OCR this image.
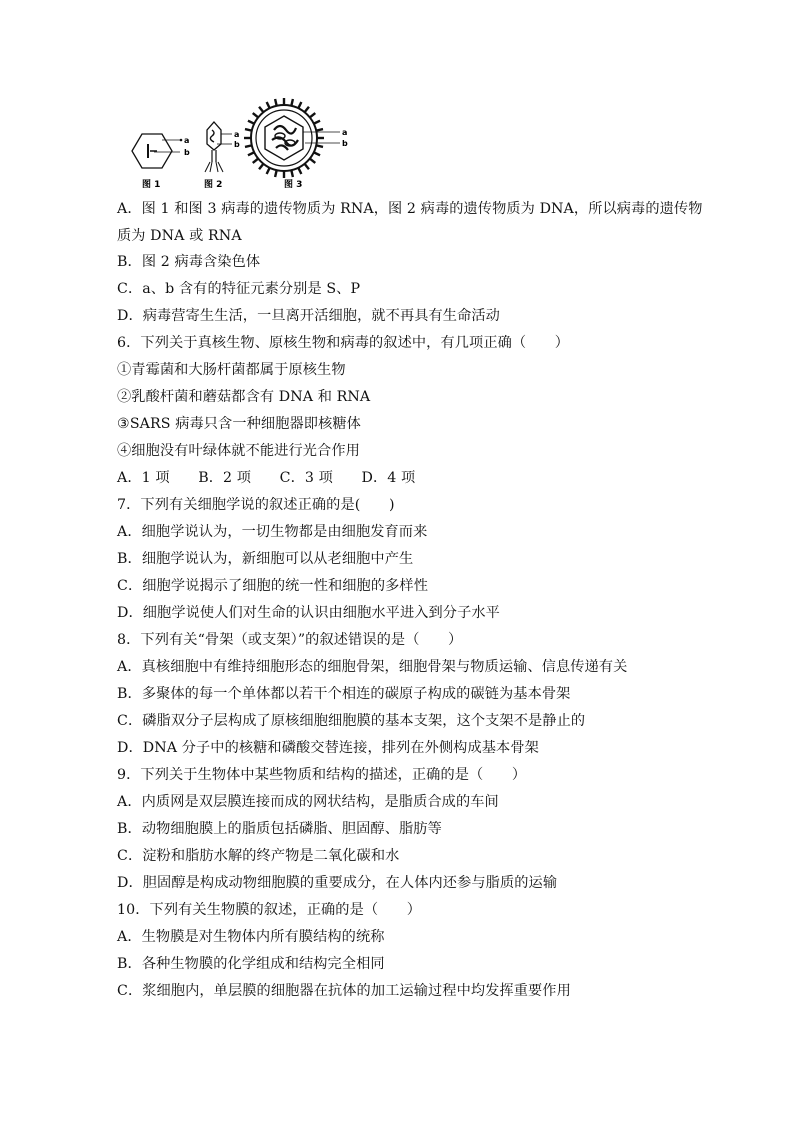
a
b
a
b
a
b
图 1	图 2	图 3
A．图 1 和图 3 病毒的遗传物质为 RNA，图 2 病毒的遗传物质为 DNA，所以病毒的遗传物
质为 DNA 或 RNA
B．图 2 病毒含染色体
C．a、b 含有的特征元素分别是 S、P
D．病毒营寄生生活，一旦离开活细胞，就不再具有生命活动
6．下列关于真核生物、原核生物和病毒的叙述中，有几项正确（　　）
①青霉菌和大肠杆菌都属于原核生物
②乳酸杆菌和蘑菇都含有 DNA 和 RNA
③SARS 病毒只含一种细胞器即核糖体
④细胞没有叶绿体就不能进行光合作用
A．1 项　　B．2 项　　C．3 项　　D．4 项
7．下列有关细胞学说的叙述正确的是(　　)
A．细胞学说认为，一切生物都是由细胞发育而来
B．细胞学说认为，新细胞可以从老细胞中产生
C．细胞学说揭示了细胞的统一性和细胞的多样性
D．细胞学说使人们对生命的认识由细胞水平进入到分子水平
8．下列有关“骨架（或支架）”的叙述错误的是（　　）
A．真核细胞中有维持细胞形态的细胞骨架，细胞骨架与物质运输、信息传递有关
B．多聚体的每一个单体都以若干个相连的碳原子构成的碳链为基本骨架
C．磷脂双分子层构成了原核细胞细胞膜的基本支架，这个支架不是静止的
D．DNA 分子中的核糖和磷酸交替连接，排列在外侧构成基本骨架
9．下列关于生物体中某些物质和结构的描述，正确的是（　　）
A．内质网是双层膜连接而成的网状结构，是脂质合成的车间
B．动物细胞膜上的脂质包括磷脂、胆固醇、脂肪等
C．淀粉和脂肪水解的终产物是二氧化碳和水
D．胆固醇是构成动物细胞膜的重要成分，在人体内还参与脂质的运输
10．下列有关生物膜的叙述，正确的是（　　）
A．生物膜是对生物体内所有膜结构的统称
B．各种生物膜的化学组成和结构完全相同
C．浆细胞内，单层膜的细胞器在抗体的加工运输过程中均发挥重要作用
